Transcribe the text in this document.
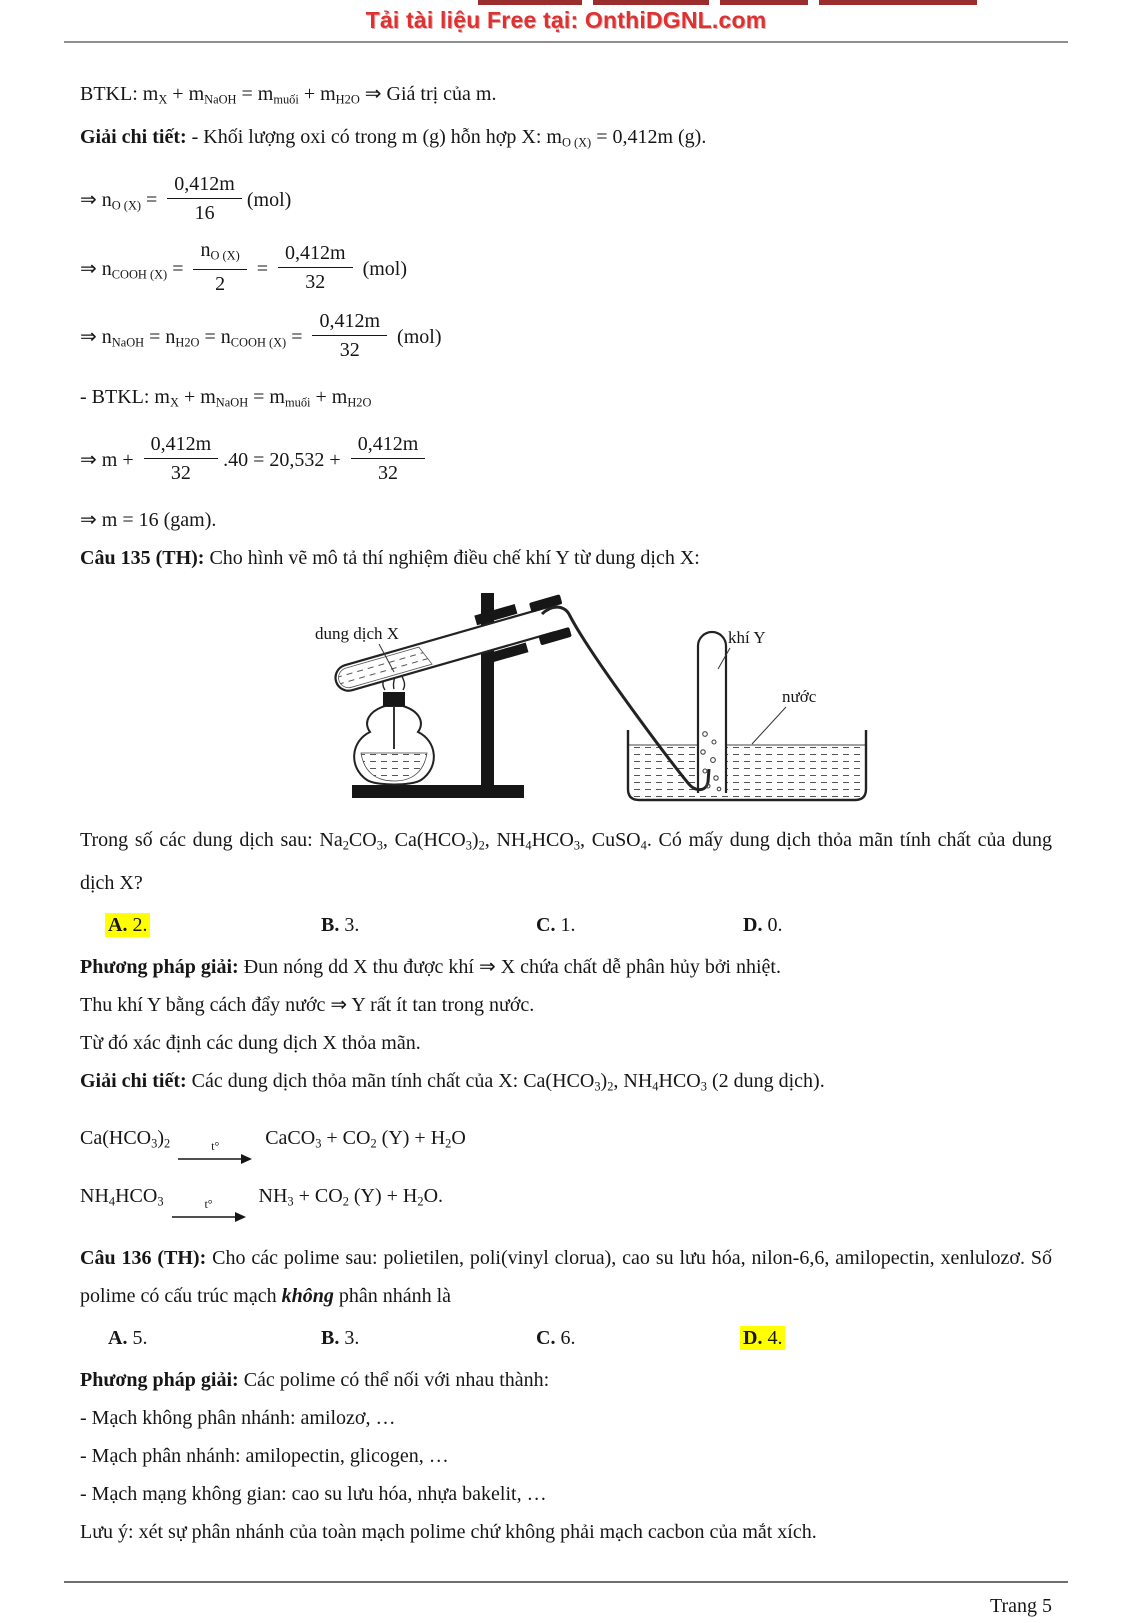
Tải tài liệu Free tại: OnthiDGNL.com
BTKL: $m_X + m_{NaOH} = m_{muối} + m_{H2O}$ ⇒ Giá trị của m.
Giải chi tiết: - Khối lượng oxi có trong m (g) hỗn hợp X: $m_{O (X)} = 0,412m$ (g).
⇒ $n_{O (X)} = \frac{0,412m}{16} (mol)$
⇒ $n_{COOH (X)} = \frac{n_{O (X)}}{2} = \frac{0,412m}{32} (mol)$
⇒ $n_{NaOH} = n_{H2O} = n_{COOH (X)} = \frac{0,412m}{32} (mol)$
- BTKL: $m_X + m_{NaOH} = m_{muối} + m_{H2O}$
⇒ $m + \frac{0,412m}{32} .40 = 20,532 + \frac{0,412m}{32}$
⇒ m = 16 (gam).
Câu 135 (TH): Cho hình vẽ mô tả thí nghiệm điều chế khí Y từ dung dịch X:
dung dịch X	khí Y
nước
Trong số các dung dịch sau: $Na_2CO_3$, $Ca(HCO_3)_2$, $NH_4HCO_3$, CuSO$_4$. Có mấy dung dịch thỏa mãn tính chất của dung dịch X?
A. 2.	B. 3.	C. 1.	D. 0.
Phương pháp giải: Đun nóng dd X thu được khí ⇒ X chứa chất dễ phân hủy bởi nhiệt.
Thu khí Y bằng cách đẩy nước ⇒ Y rất ít tan trong nước.
Từ đó xác định các dung dịch X thỏa mãn.
Giải chi tiết: Các dung dịch thỏa mãn tính chất của X: $Ca(HCO_3)_2$, $NH_4HCO_3$ (2 dung dịch).
$Ca(HCO_3)_2$	t° CaCO$_3$ + $CO_2$ $(Y) + H_2O$
$NH_4HCO_3$	t° $NH_3 + CO_2$ $(Y) + H_2O$.
Câu 136 (TH): Cho các polime sau: polietilen, poli(vinyl clorua), cao su lưu hóa, nilon-6,6, amilopectin, xenlulozơ. Số polime có cấu trúc mạch không phân nhánh là
A. 5.	B. 3.	C. 6.	D. 4.
Phương pháp giải: Các polime có thể nối với nhau thành:
- Mạch không phân nhánh: amilozơ, …
- Mạch phân nhánh: amilopectin, glicogen, …
- Mạch mạng không gian: cao su lưu hóa, nhựa bakelit, …
Lưu ý: xét sự phân nhánh của toàn mạch polime chứ không phải mạch cacbon của mắt xích.
Trang 5
